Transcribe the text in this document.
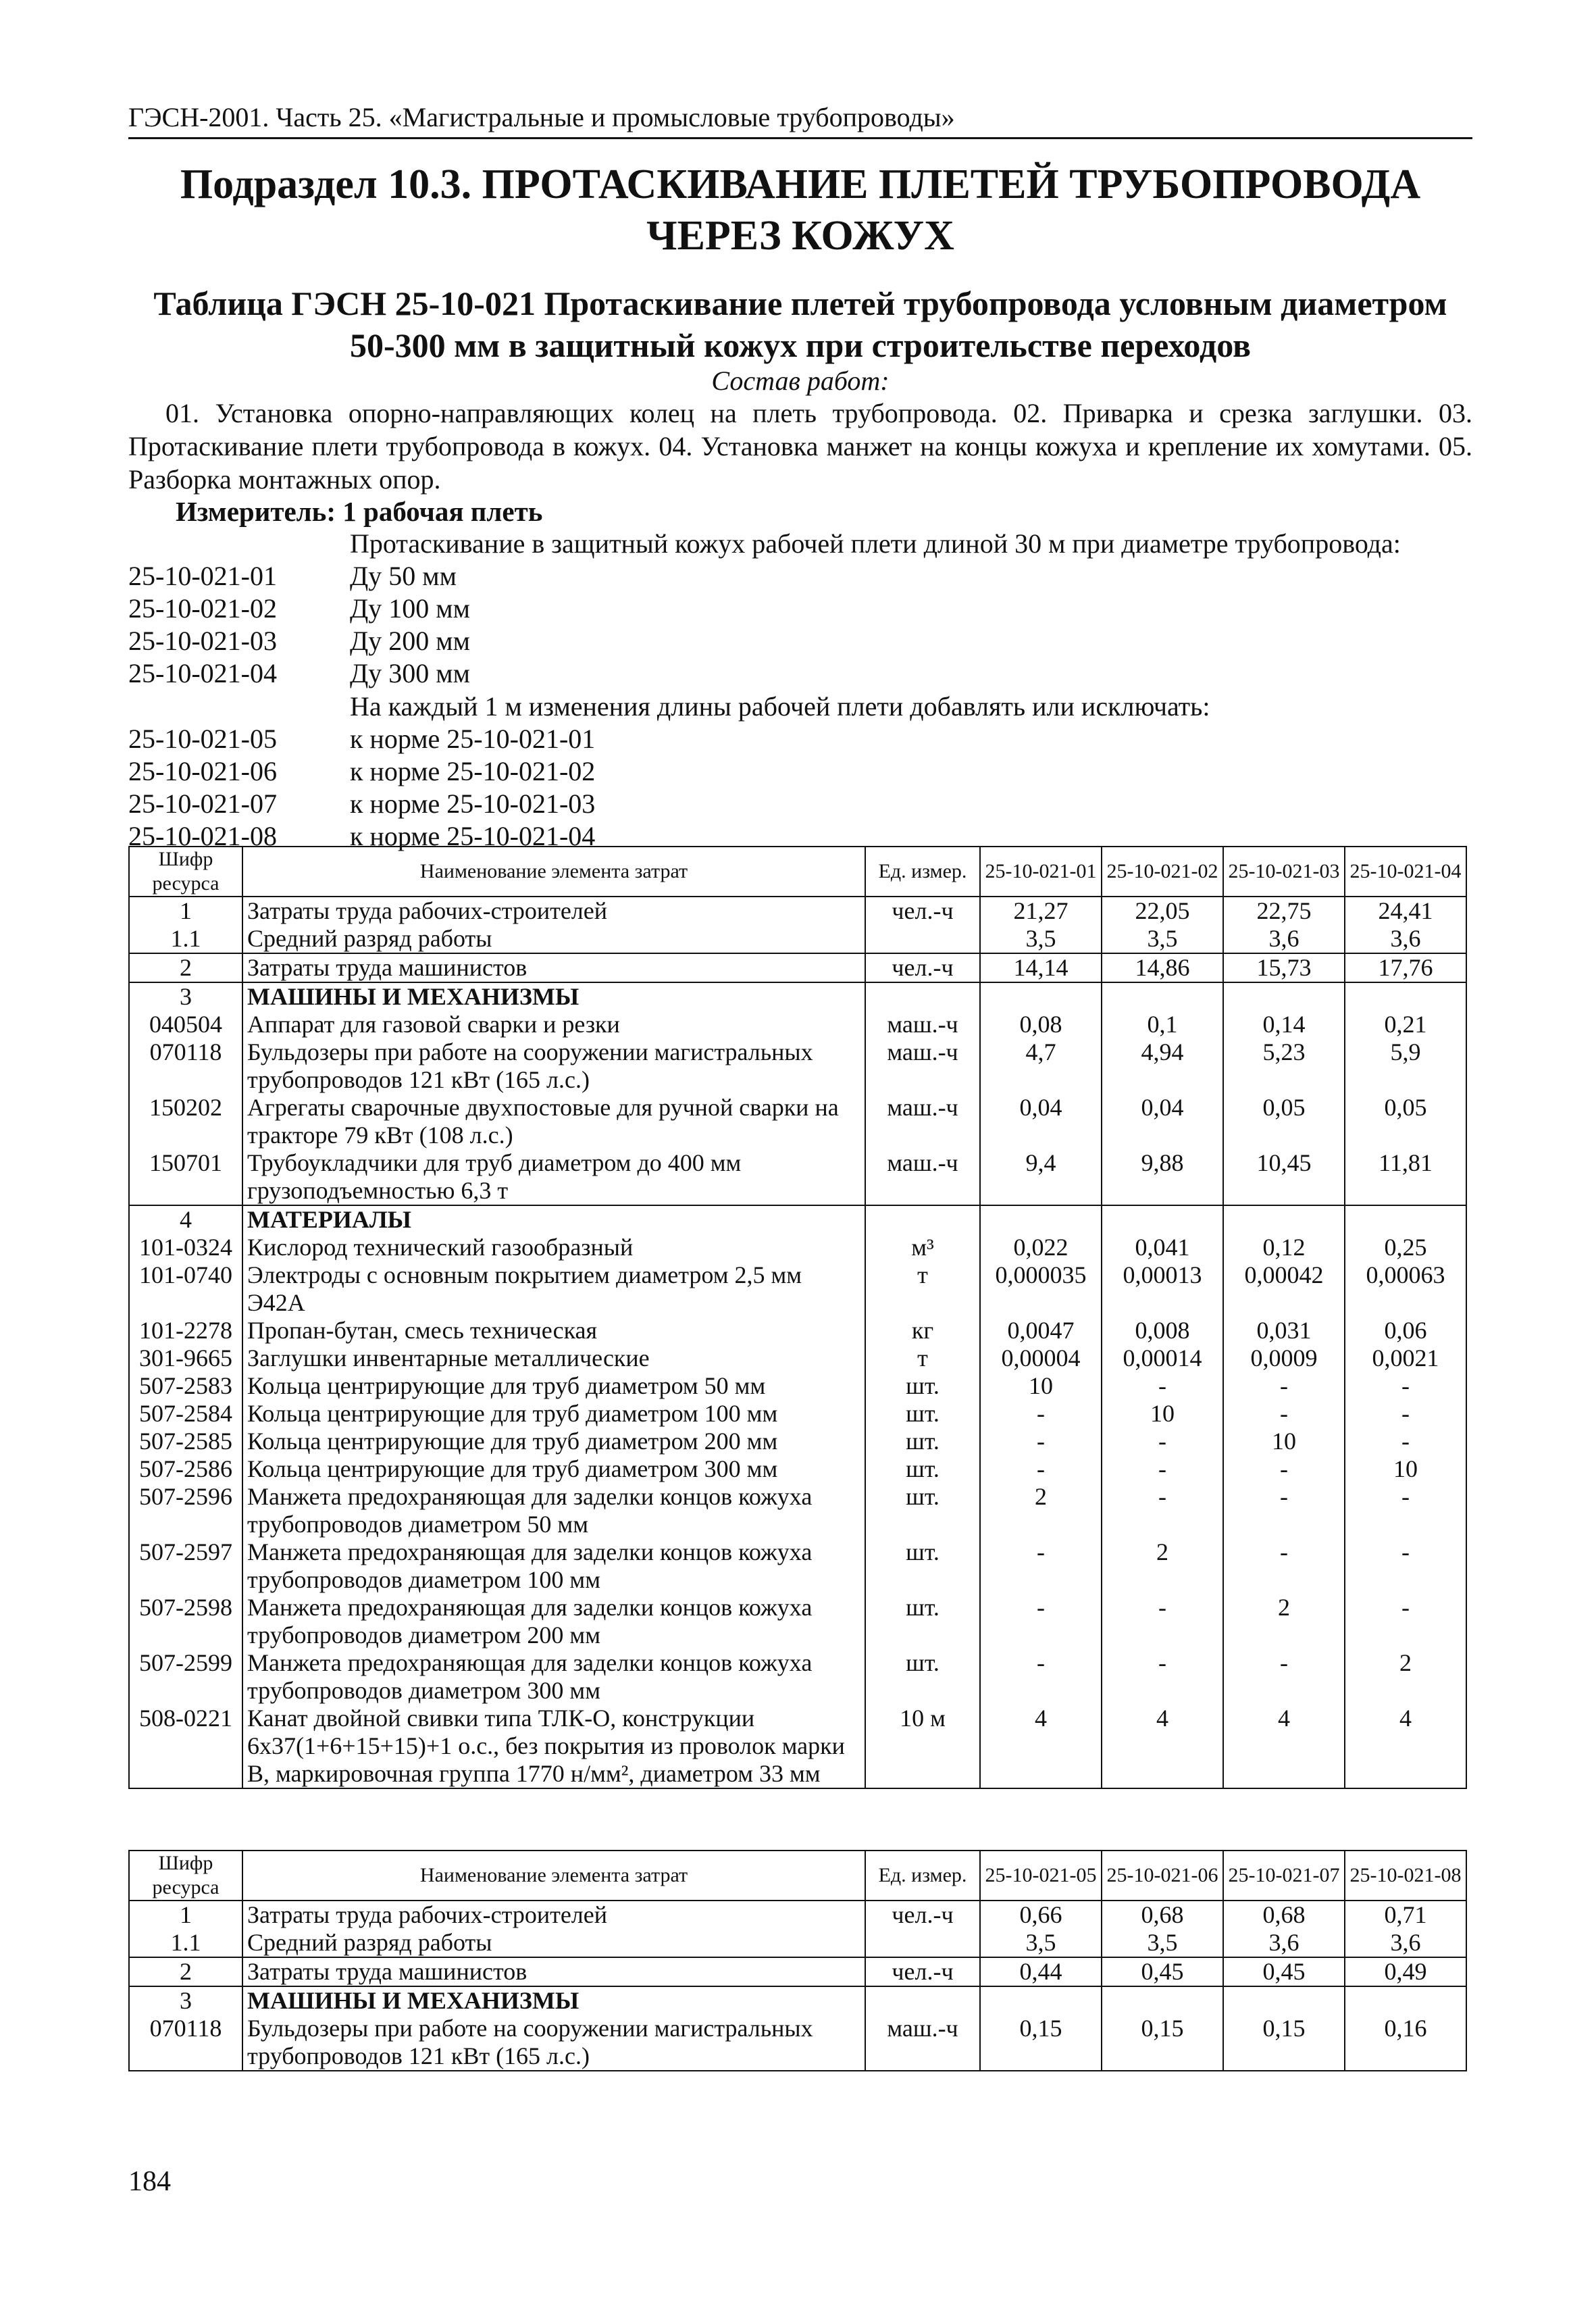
ГЭСН-2001. Часть 25. «Магистральные и промысловые трубопроводы»
Подраздел 10.3. ПРОТАСКИВАНИЕ ПЛЕТЕЙ ТРУБОПРОВОДА ЧЕРЕЗ КОЖУХ
Таблица ГЭСН 25-10-021 Протаскивание плетей трубопровода условным диаметром 50-300 мм в защитный кожух при строительстве переходов
Состав работ:
01. Установка опорно-направляющих колец на плеть трубопровода. 02. Приварка и срезка заглушки. 03. Протаскивание плети трубопровода в кожух. 04. Установка манжет на концы кожуха и крепление их хомутами. 05. Разборка монтажных опор.
Измеритель: 1 рабочая плеть
Протаскивание в защитный кожух рабочей плети длиной 30 м при диаметре трубопровода:
25-10-021-01	Ду 50 мм
25-10-021-02	Ду 100 мм
25-10-021-03	Ду 200 мм
25-10-021-04	Ду 300 мм
На каждый 1 м изменения длины рабочей плети добавлять или исключать:
25-10-021-05	к норме 25-10-021-01
25-10-021-06	к норме 25-10-021-02
25-10-021-07	к норме 25-10-021-03
25-10-021-08	к норме 25-10-021-04
Шифр ресурса	Наименование элемента затрат	Ед. измер.	25-10-021-01	25-10-021-02	25-10-021-03	25-10-021-04
1	Затраты труда рабочих-строителей	чел.-ч	21,27	22,05	22,75	24,41
1.1	Средний разряд работы		3,5	3,5	3,6	3,6
2	Затраты труда машинистов	чел.-ч	14,14	14,86	15,73	17,76
3	МАШИНЫ И МЕХАНИЗМЫ					
040504	Аппарат для газовой сварки и резки	маш.-ч	0,08	0,1	0,14	0,21
070118	Бульдозеры при работе на сооружении магистральных трубопроводов 121 кВт (165 л.с.)	маш.-ч	4,7	4,94	5,23	5,9
150202	Агрегаты сварочные двухпостовые для ручной сварки на тракторе 79 кВт (108 л.с.)	маш.-ч	0,04	0,04	0,05	0,05
150701	Трубоукладчики для труб диаметром до 400 мм грузоподъемностью 6,3 т	маш.-ч	9,4	9,88	10,45	11,81
4	МАТЕРИАЛЫ					
101-0324	Кислород технический газообразный	м³	0,022	0,041	0,12	0,25
101-0740	Электроды с основным покрытием диаметром 2,5 мм Э42А	т	0,000035	0,00013	0,00042	0,00063
101-2278	Пропан-бутан, смесь техническая	кг	0,0047	0,008	0,031	0,06
301-9665	Заглушки инвентарные металлические	т	0,00004	0,00014	0,0009	0,0021
507-2583	Кольца центрирующие для труб диаметром 50 мм	шт.	10	-	-	-
507-2584	Кольца центрирующие для труб диаметром 100 мм	шт.	-	10	-	-
507-2585	Кольца центрирующие для труб диаметром 200 мм	шт.	-	-	10	-
507-2586	Кольца центрирующие для труб диаметром 300 мм	шт.	-	-	-	10
507-2596	Манжета предохраняющая для заделки концов кожуха трубопроводов диаметром 50 мм	шт.	2	-	-	-
507-2597	Манжета предохраняющая для заделки концов кожуха трубопроводов диаметром 100 мм	шт.	-	2	-	-
507-2598	Манжета предохраняющая для заделки концов кожуха трубопроводов диаметром 200 мм	шт.	-	-	2	-
507-2599	Манжета предохраняющая для заделки концов кожуха трубопроводов диаметром 300 мм	шт.	-	-	-	2
508-0221	Канат двойной свивки типа ТЛК-О, конструкции 6х37(1+6+15+15)+1 о.с., без покрытия из проволок марки В, маркировочная группа 1770 н/мм², диаметром 33 мм	10 м	4	4	4	4
Шифр ресурса	Наименование элемента затрат	Ед. измер.	25-10-021-05	25-10-021-06	25-10-021-07	25-10-021-08
1	Затраты труда рабочих-строителей	чел.-ч	0,66	0,68	0,68	0,71
1.1	Средний разряд работы		3,5	3,5	3,6	3,6
2	Затраты труда машинистов	чел.-ч	0,44	0,45	0,45	0,49
3	МАШИНЫ И МЕХАНИЗМЫ					
070118	Бульдозеры при работе на сооружении магистральных трубопроводов 121 кВт (165 л.с.)	маш.-ч	0,15	0,15	0,15	0,16
184
